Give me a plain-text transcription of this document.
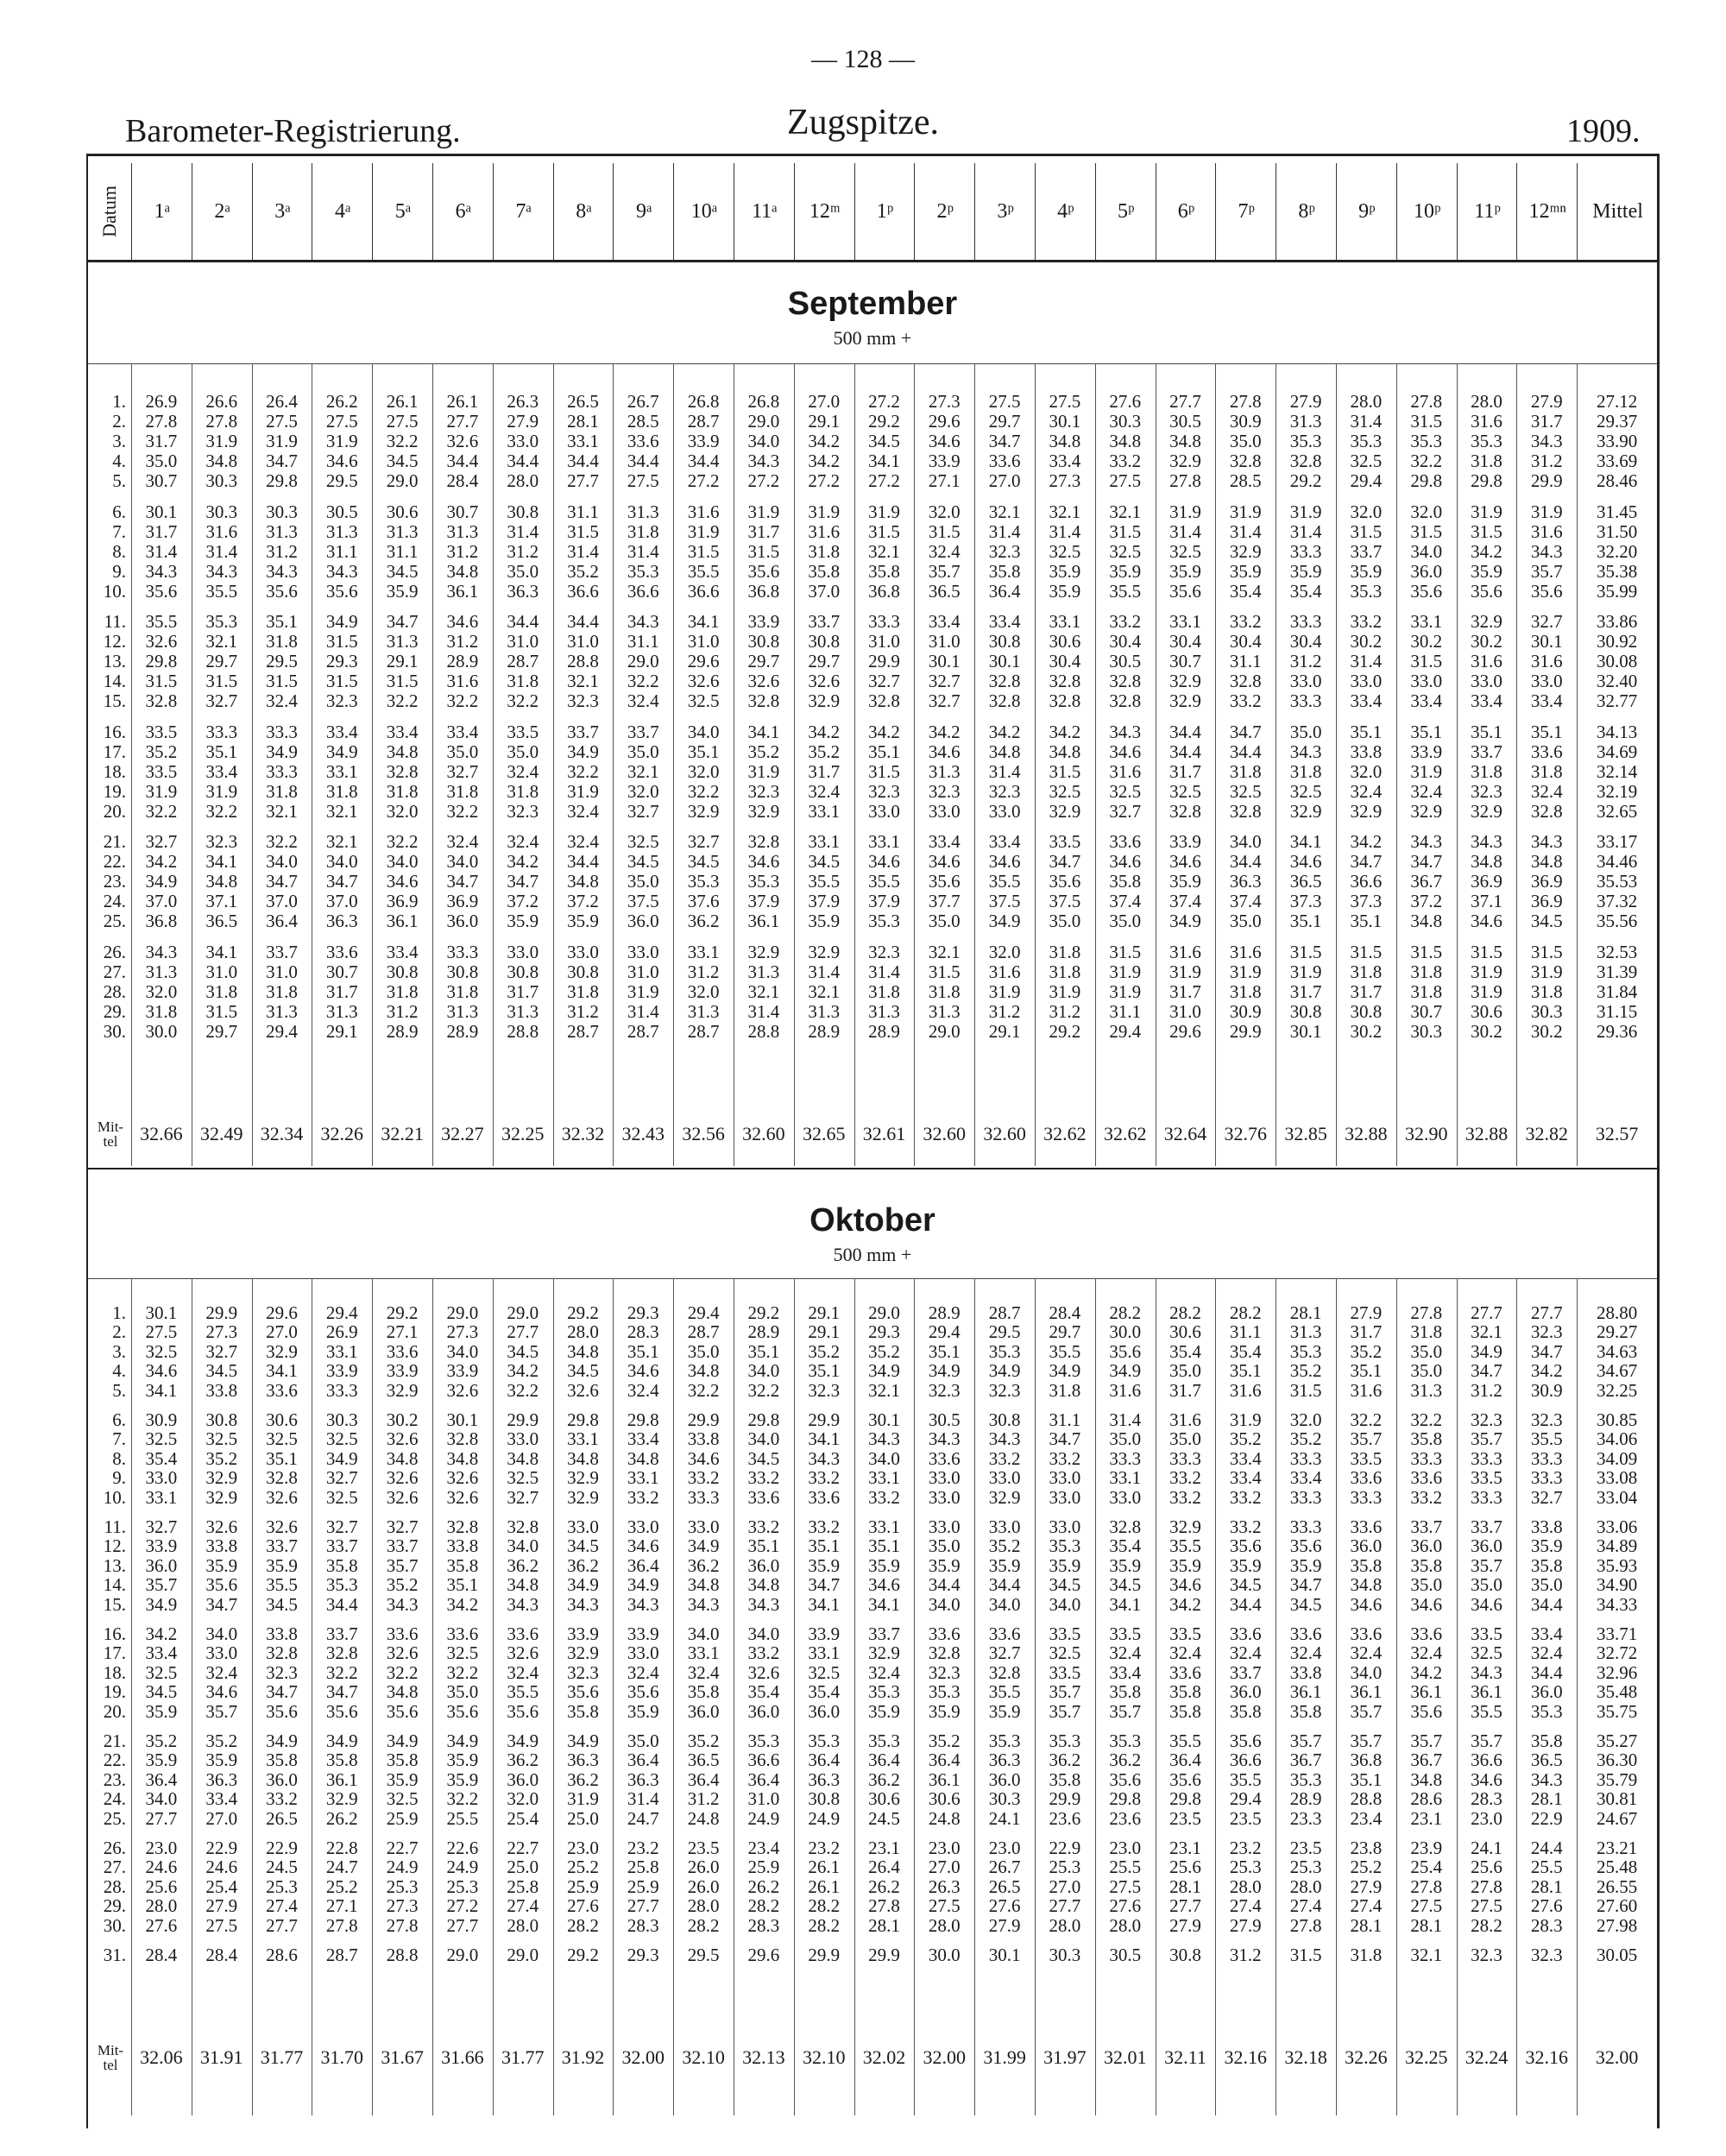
— 128 —
Barometer-Registrierung.	Zugspitze.	1909.
Datum	1ᵃ	2ᵃ	3ᵃ	4ᵃ	5ᵃ	6ᵃ	7ᵃ	8ᵃ	9ᵃ	10ᵃ	11ᵃ	12ᵐ	1ᵖ	2ᵖ	3ᵖ	4ᵖ	5ᵖ	6ᵖ	7ᵖ	8ᵖ	9ᵖ	10ᵖ	11ᵖ	12ᵐⁿ	Mittel
September
500 mm +
1.	26.9	26.6	26.4	26.2	26.1	26.1	26.3	26.5	26.7	26.8	26.8	27.0	27.2	27.3	27.5	27.5	27.6	27.7	27.8	27.9	28.0	27.8	28.0	27.9	27.12
2.	27.8	27.8	27.5	27.5	27.5	27.7	27.9	28.1	28.5	28.7	29.0	29.1	29.2	29.6	29.7	30.1	30.3	30.5	30.9	31.3	31.4	31.5	31.6	31.7	29.37
3.	31.7	31.9	31.9	31.9	32.2	32.6	33.0	33.1	33.6	33.9	34.0	34.2	34.5	34.6	34.7	34.8	34.8	34.8	35.0	35.3	35.3	35.3	35.3	34.3	33.90
4.	35.0	34.8	34.7	34.6	34.5	34.4	34.4	34.4	34.4	34.4	34.3	34.2	34.1	33.9	33.6	33.4	33.2	32.9	32.8	32.8	32.5	32.2	31.8	31.2	33.69
5.	30.7	30.3	29.8	29.5	29.0	28.4	28.0	27.7	27.5	27.2	27.2	27.2	27.2	27.1	27.0	27.3	27.5	27.8	28.5	29.2	29.4	29.8	29.8	29.9	28.46
6.	30.1	30.3	30.3	30.5	30.6	30.7	30.8	31.1	31.3	31.6	31.9	31.9	31.9	32.0	32.1	32.1	32.1	31.9	31.9	31.9	32.0	32.0	31.9	31.9	31.45
7.	31.7	31.6	31.3	31.3	31.3	31.3	31.4	31.5	31.8	31.9	31.7	31.6	31.5	31.5	31.4	31.4	31.5	31.4	31.4	31.4	31.5	31.5	31.5	31.6	31.50
8.	31.4	31.4	31.2	31.1	31.1	31.2	31.2	31.4	31.4	31.5	31.5	31.8	32.1	32.4	32.3	32.5	32.5	32.5	32.9	33.3	33.7	34.0	34.2	34.3	32.20
9.	34.3	34.3	34.3	34.3	34.5	34.8	35.0	35.2	35.3	35.5	35.6	35.8	35.8	35.7	35.8	35.9	35.9	35.9	35.9	35.9	35.9	36.0	35.9	35.7	35.38
10.	35.6	35.5	35.6	35.6	35.9	36.1	36.3	36.6	36.6	36.6	36.8	37.0	36.8	36.5	36.4	35.9	35.5	35.6	35.4	35.4	35.3	35.6	35.6	35.6	35.99
11.	35.5	35.3	35.1	34.9	34.7	34.6	34.4	34.4	34.3	34.1	33.9	33.7	33.3	33.4	33.4	33.1	33.2	33.1	33.2	33.3	33.2	33.1	32.9	32.7	33.86
12.	32.6	32.1	31.8	31.5	31.3	31.2	31.0	31.0	31.1	31.0	30.8	30.8	31.0	31.0	30.8	30.6	30.4	30.4	30.4	30.4	30.2	30.2	30.2	30.1	30.92
13.	29.8	29.7	29.5	29.3	29.1	28.9	28.7	28.8	29.0	29.6	29.7	29.7	29.9	30.1	30.1	30.4	30.5	30.7	31.1	31.2	31.4	31.5	31.6	31.6	30.08
14.	31.5	31.5	31.5	31.5	31.5	31.6	31.8	32.1	32.2	32.6	32.6	32.6	32.7	32.7	32.8	32.8	32.8	32.9	32.8	33.0	33.0	33.0	33.0	33.0	32.40
15.	32.8	32.7	32.4	32.3	32.2	32.2	32.2	32.3	32.4	32.5	32.8	32.9	32.8	32.7	32.8	32.8	32.8	32.9	33.2	33.3	33.4	33.4	33.4	33.4	32.77
16.	33.5	33.3	33.3	33.4	33.4	33.4	33.5	33.7	33.7	34.0	34.1	34.2	34.2	34.2	34.2	34.2	34.3	34.4	34.7	35.0	35.1	35.1	35.1	35.1	34.13
17.	35.2	35.1	34.9	34.9	34.8	35.0	35.0	34.9	35.0	35.1	35.2	35.2	35.1	34.6	34.8	34.8	34.6	34.4	34.4	34.3	33.8	33.9	33.7	33.6	34.69
18.	33.5	33.4	33.3	33.1	32.8	32.7	32.4	32.2	32.1	32.0	31.9	31.7	31.5	31.3	31.4	31.5	31.6	31.7	31.8	31.8	32.0	31.9	31.8	31.8	32.14
19.	31.9	31.9	31.8	31.8	31.8	31.8	31.8	31.9	32.0	32.2	32.3	32.4	32.3	32.3	32.3	32.5	32.5	32.5	32.5	32.5	32.4	32.4	32.3	32.4	32.19
20.	32.2	32.2	32.1	32.1	32.0	32.2	32.3	32.4	32.7	32.9	32.9	33.1	33.0	33.0	33.0	32.9	32.7	32.8	32.8	32.9	32.9	32.9	32.9	32.8	32.65
21.	32.7	32.3	32.2	32.1	32.2	32.4	32.4	32.4	32.5	32.7	32.8	33.1	33.1	33.4	33.4	33.5	33.6	33.9	34.0	34.1	34.2	34.3	34.3	34.3	33.17
22.	34.2	34.1	34.0	34.0	34.0	34.0	34.2	34.4	34.5	34.5	34.6	34.5	34.6	34.6	34.6	34.7	34.6	34.6	34.4	34.6	34.7	34.7	34.8	34.8	34.46
23.	34.9	34.8	34.7	34.7	34.6	34.7	34.7	34.8	35.0	35.3	35.3	35.5	35.5	35.6	35.5	35.6	35.8	35.9	36.3	36.5	36.6	36.7	36.9	36.9	35.53
24.	37.0	37.1	37.0	37.0	36.9	36.9	37.2	37.2	37.5	37.6	37.9	37.9	37.9	37.7	37.5	37.5	37.4	37.4	37.4	37.3	37.3	37.2	37.1	36.9	37.32
25.	36.8	36.5	36.4	36.3	36.1	36.0	35.9	35.9	36.0	36.2	36.1	35.9	35.3	35.0	34.9	35.0	35.0	34.9	35.0	35.1	35.1	34.8	34.6	34.5	35.56
26.	34.3	34.1	33.7	33.6	33.4	33.3	33.0	33.0	33.0	33.1	32.9	32.9	32.3	32.1	32.0	31.8	31.5	31.6	31.6	31.5	31.5	31.5	31.5	31.5	32.53
27.	31.3	31.0	31.0	30.7	30.8	30.8	30.8	30.8	31.0	31.2	31.3	31.4	31.4	31.5	31.6	31.8	31.9	31.9	31.9	31.9	31.8	31.8	31.9	31.9	31.39
28.	32.0	31.8	31.8	31.7	31.8	31.8	31.7	31.8	31.9	32.0	32.1	32.1	31.8	31.8	31.9	31.9	31.9	31.7	31.8	31.7	31.7	31.8	31.9	31.8	31.84
29.	31.8	31.5	31.3	31.3	31.2	31.3	31.3	31.2	31.4	31.3	31.4	31.3	31.3	31.3	31.2	31.2	31.1	31.0	30.9	30.8	30.8	30.7	30.6	30.3	31.15
30.	30.0	29.7	29.4	29.1	28.9	28.9	28.8	28.7	28.7	28.7	28.8	28.9	28.9	29.0	29.1	29.2	29.4	29.6	29.9	30.1	30.2	30.3	30.2	30.2	29.36
Mit-tel	32.66 32.49 32.34 32.26 32.21 32.27 32.25 32.32 32.43 32.56 32.60 32.65 32.61 32.60 32.60 32.62 32.62 32.64 32.76 32.85 32.88 32.90 32.88 32.82	32.57
Oktober
500 mm +
1.	30.1	29.9	29.6	29.4	29.2	29.0	29.0	29.2	29.3	29.4	29.2	29.1	29.0	28.9	28.7	28.4	28.2	28.2	28.2	28.1	27.9	27.8	27.7	27.7	28.80
2.	27.5	27.3	27.0	26.9	27.1	27.3	27.7	28.0	28.3	28.7	28.9	29.1	29.3	29.4	29.5	29.7	30.0	30.6	31.1	31.3	31.7	31.8	32.1	32.3	29.27
3.	32.5	32.7	32.9	33.1	33.6	34.0	34.5	34.8	35.1	35.0	35.1	35.2	35.2	35.1	35.3	35.5	35.6	35.4	35.4	35.3	35.2	35.0	34.9	34.7	34.63
4.	34.6	34.5	34.1	33.9	33.9	33.9	34.2	34.5	34.6	34.8	34.0	35.1	34.9	34.9	34.9	34.9	34.9	35.0	35.1	35.2	35.1	35.0	34.7	34.2	34.67
5.	34.1	33.8	33.6	33.3	32.9	32.6	32.2	32.6	32.4	32.2	32.2	32.3	32.1	32.3	32.3	31.8	31.6	31.7	31.6	31.5	31.6	31.3	31.2	30.9	32.25
6.	30.9	30.8	30.6	30.3	30.2	30.1	29.9	29.8	29.8	29.9	29.8	29.9	30.1	30.5	30.8	31.1	31.4	31.6	31.9	32.0	32.2	32.2	32.3	32.3	30.85
7.	32.5	32.5	32.5	32.5	32.6	32.8	33.0	33.1	33.4	33.8	34.0	34.1	34.3	34.3	34.3	34.7	35.0	35.0	35.2	35.2	35.7	35.8	35.7	35.5	34.06
8.	35.4	35.2	35.1	34.9	34.8	34.8	34.8	34.8	34.8	34.6	34.5	34.3	34.0	33.6	33.2	33.2	33.3	33.3	33.4	33.3	33.5	33.3	33.3	33.3	34.09
9.	33.0	32.9	32.8	32.7	32.6	32.6	32.5	32.9	33.1	33.2	33.2	33.2	33.1	33.0	33.0	33.0	33.1	33.2	33.4	33.4	33.6	33.6	33.5	33.3	33.08
10.	33.1	32.9	32.6	32.5	32.6	32.6	32.7	32.9	33.2	33.3	33.6	33.6	33.2	33.0	32.9	33.0	33.0	33.2	33.2	33.3	33.3	33.2	33.3	32.7	33.04
11.	32.7	32.6	32.6	32.7	32.7	32.8	32.8	33.0	33.0	33.0	33.2	33.2	33.1	33.0	33.0	33.0	32.8	32.9	33.2	33.3	33.6	33.7	33.7	33.8	33.06
12.	33.9	33.8	33.7	33.7	33.7	33.8	34.0	34.5	34.6	34.9	35.1	35.1	35.1	35.0	35.2	35.3	35.4	35.5	35.6	35.6	36.0	36.0	36.0	35.9	34.89
13.	36.0	35.9	35.9	35.8	35.7	35.8	36.2	36.2	36.4	36.2	36.0	35.9	35.9	35.9	35.9	35.9	35.9	35.9	35.9	35.9	35.8	35.8	35.7	35.8	35.93
14.	35.7	35.6	35.5	35.3	35.2	35.1	34.8	34.9	34.9	34.8	34.8	34.7	34.6	34.4	34.4	34.5	34.5	34.6	34.5	34.7	34.8	35.0	35.0	35.0	34.90
15.	34.9	34.7	34.5	34.4	34.3	34.2	34.3	34.3	34.3	34.3	34.3	34.1	34.1	34.0	34.0	34.0	34.1	34.2	34.4	34.5	34.6	34.6	34.6	34.4	34.33
16.	34.2	34.0	33.8	33.7	33.6	33.6	33.6	33.9	33.9	34.0	34.0	33.9	33.7	33.6	33.6	33.5	33.5	33.5	33.6	33.6	33.6	33.6	33.5	33.4	33.71
17.	33.4	33.0	32.8	32.8	32.6	32.5	32.6	32.9	33.0	33.1	33.2	33.1	32.9	32.8	32.7	32.5	32.4	32.4	32.4	32.4	32.4	32.4	32.5	32.4	32.72
18.	32.5	32.4	32.3	32.2	32.2	32.2	32.4	32.3	32.4	32.4	32.6	32.5	32.4	32.3	32.8	33.5	33.4	33.6	33.7	33.8	34.0	34.2	34.3	34.4	32.96
19.	34.5	34.6	34.7	34.7	34.8	35.0	35.5	35.6	35.6	35.8	35.4	35.4	35.3	35.3	35.5	35.7	35.8	35.8	36.0	36.1	36.1	36.1	36.1	36.0	35.48
20.	35.9	35.7	35.6	35.6	35.6	35.6	35.6	35.8	35.9	36.0	36.0	36.0	35.9	35.9	35.9	35.7	35.7	35.8	35.8	35.8	35.7	35.6	35.5	35.3	35.75
21.	35.2	35.2	34.9	34.9	34.9	34.9	34.9	34.9	35.0	35.2	35.3	35.3	35.3	35.2	35.3	35.3	35.3	35.5	35.6	35.7	35.7	35.7	35.7	35.8	35.27
22.	35.9	35.9	35.8	35.8	35.8	35.9	36.2	36.3	36.4	36.5	36.6	36.4	36.4	36.4	36.3	36.2	36.2	36.4	36.6	36.7	36.8	36.7	36.6	36.5	36.30
23.	36.4	36.3	36.0	36.1	35.9	35.9	36.0	36.2	36.3	36.4	36.4	36.3	36.2	36.1	36.0	35.8	35.6	35.6	35.5	35.3	35.1	34.8	34.6	34.3	35.79
24.	34.0	33.4	33.2	32.9	32.5	32.2	32.0	31.9	31.4	31.2	31.0	30.8	30.6	30.6	30.3	29.9	29.8	29.8	29.4	28.9	28.8	28.6	28.3	28.1	30.81
25.	27.7	27.0	26.5	26.2	25.9	25.5	25.4	25.0	24.7	24.8	24.9	24.9	24.5	24.8	24.1	23.6	23.6	23.5	23.5	23.3	23.4	23.1	23.0	22.9	24.67
26.	23.0	22.9	22.9	22.8	22.7	22.6	22.7	23.0	23.2	23.5	23.4	23.2	23.1	23.0	23.0	22.9	23.0	23.1	23.2	23.5	23.8	23.9	24.1	24.4	23.21
27.	24.6	24.6	24.5	24.7	24.9	24.9	25.0	25.2	25.8	26.0	25.9	26.1	26.4	27.0	26.7	25.3	25.5	25.6	25.3	25.3	25.2	25.4	25.6	25.5	25.48
28.	25.6	25.4	25.3	25.2	25.3	25.3	25.8	25.9	25.9	26.0	26.2	26.1	26.2	26.3	26.5	27.0	27.5	28.1	28.0	28.0	27.9	27.8	27.8	28.1	26.55
29.	28.0	27.9	27.4	27.1	27.3	27.2	27.4	27.6	27.7	28.0	28.2	28.2	27.8	27.5	27.6	27.7	27.6	27.7	27.4	27.4	27.4	27.5	27.5	27.6	27.60
30.	27.6	27.5	27.7	27.8	27.8	27.7	28.0	28.2	28.3	28.2	28.3	28.2	28.1	28.0	27.9	28.0	28.0	27.9	27.9	27.8	28.1	28.1	28.2	28.3	27.98
31.	28.4	28.4	28.6	28.7	28.8	29.0	29.0	29.2	29.3	29.5	29.6	29.9	29.9	30.0	30.1	30.3	30.5	30.8	31.2	31.5	31.8	32.1	32.3	32.3	30.05
Mit-tel	32.06 31.91 31.77 31.70 31.67 31.66 31.77 31.92 32.00 32.10 32.13 32.10 32.02 32.00 31.99 31.97 32.01 32.11 32.16 32.18 32.26 32.25 32.24 32.16	32.00
